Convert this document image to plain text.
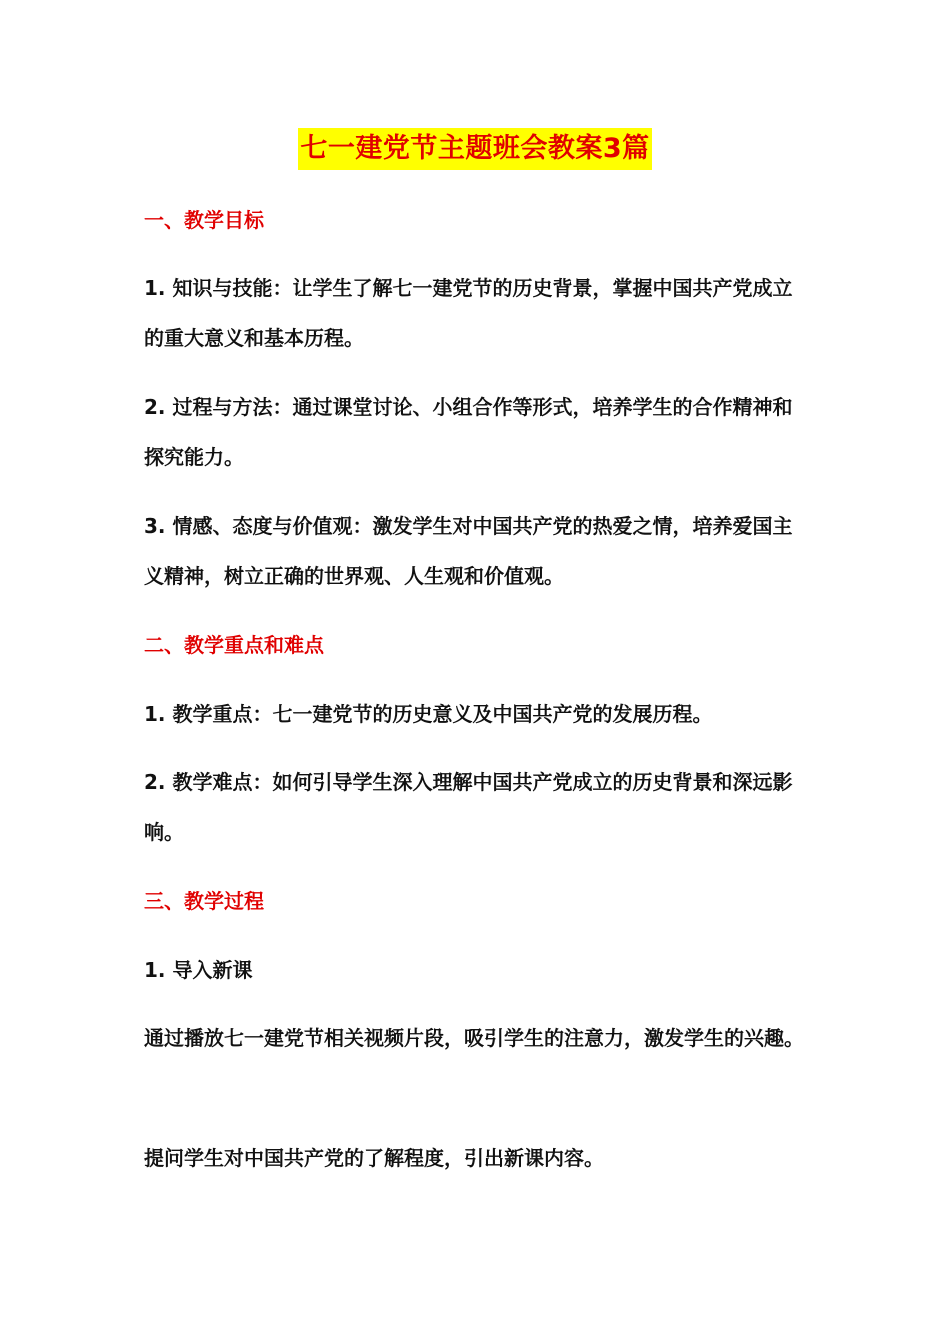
七一建党节主题班会教案3篇

一、教学目标

1. 知识与技能：让学生了解七一建党节的历史背景，掌握中国共产党成立的重大意义和基本历程。

2. 过程与方法：通过课堂讨论、小组合作等形式，培养学生的合作精神和探究能力。

3. 情感、态度与价值观：激发学生对中国共产党的热爱之情，培养爱国主义精神，树立正确的世界观、人生观和价值观。

二、教学重点和难点

1. 教学重点：七一建党节的历史意义及中国共产党的发展历程。

2. 教学难点：如何引导学生深入理解中国共产党成立的历史背景和深远影响。

三、教学过程

1. 导入新课

通过播放七一建党节相关视频片段，吸引学生的注意力，激发学生的兴趣。

提问学生对中国共产党的了解程度，引出新课内容。
